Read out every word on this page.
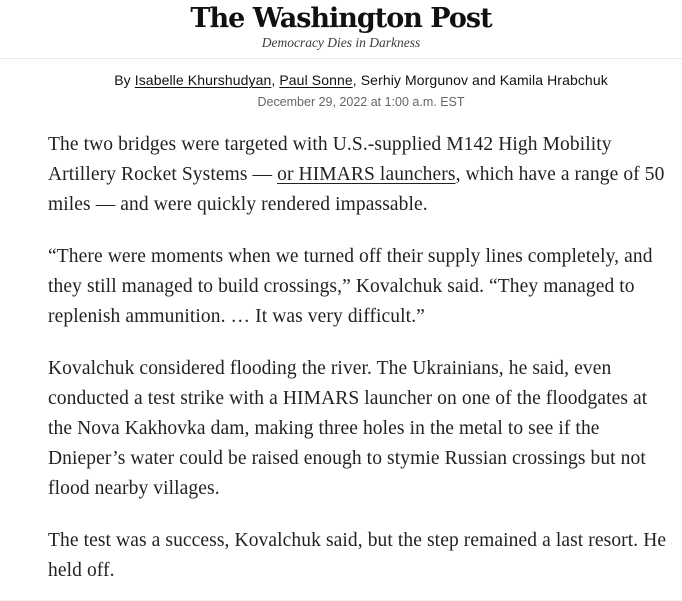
The Washington Post
Democracy Dies in Darkness
By Isabelle Khurshudyan, Paul Sonne, Serhiy Morgunov and Kamila Hrabchuk
December 29, 2022 at 1:00 a.m. EST

The two bridges were targeted with U.S.-supplied M142 High Mobility Artillery Rocket Systems — or HIMARS launchers, which have a range of 50 miles — and were quickly rendered impassable.

“There were moments when we turned off their supply lines completely, and they still managed to build crossings,” Kovalchuk said. “They managed to replenish ammunition. … It was very difficult.”

Kovalchuk considered flooding the river. The Ukrainians, he said, even conducted a test strike with a HIMARS launcher on one of the floodgates at the Nova Kakhovka dam, making three holes in the metal to see if the Dnieper’s water could be raised enough to stymie Russian crossings but not flood nearby villages.

The test was a success, Kovalchuk said, but the step remained a last resort. He held off.
